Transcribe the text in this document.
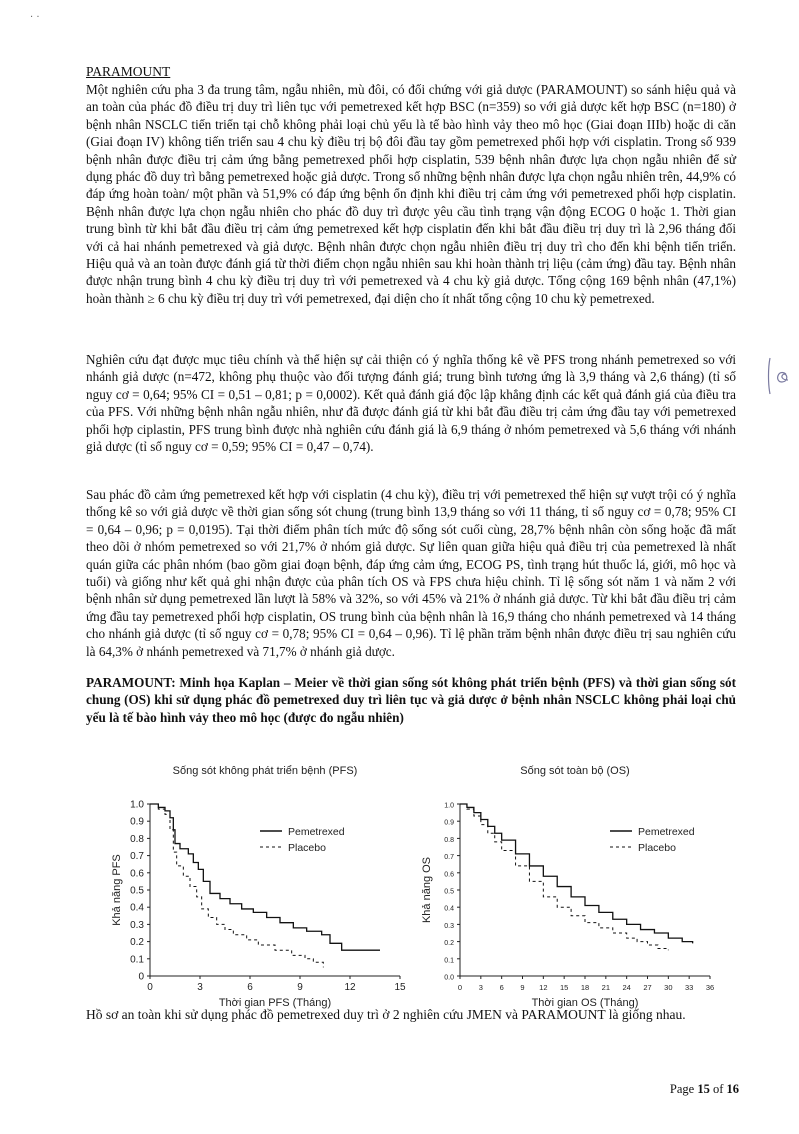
· ·
PARAMOUNT

Một nghiên cứu pha 3 đa trung tâm, ngẫu nhiên, mù đôi, có đối chứng với giả dược (PARAMOUNT) so sánh hiệu quả và an toàn của phác đồ điều trị duy trì liên tục với pemetrexed kết hợp BSC (n=359) so với giả dược kết hợp BSC (n=180) ở bệnh nhân NSCLC tiến triển tại chỗ không phải loại chủ yếu là tế bào hình vảy theo mô học (Giai đoạn IIIb) hoặc di căn (Giai đoạn IV) không tiến triển sau 4 chu kỳ điều trị bộ đôi đầu tay gồm pemetrexed phối hợp với cisplatin. Trong số 939 bệnh nhân được điều trị cảm ứng bằng pemetrexed phối hợp cisplatin, 539 bệnh nhân được lựa chọn ngẫu nhiên để sử dụng phác đồ duy trì bằng pemetrexed hoặc giả dược. Trong số những bệnh nhân được lựa chọn ngẫu nhiên trên, 44,9% có đáp ứng hoàn toàn/ một phần và 51,9% có đáp ứng bệnh ổn định khi điều trị cảm ứng với pemetrexed phối hợp cisplatin. Bệnh nhân được lựa chọn ngẫu nhiên cho phác đồ duy trì được yêu cầu tình trạng vận động ECOG 0 hoặc 1. Thời gian trung bình từ khi bắt đầu điều trị cảm ứng pemetrexed kết hợp cisplatin đến khi bắt đầu điều trị duy trì là 2,96 tháng đối với cả hai nhánh pemetrexed và giả dược. Bệnh nhân được chọn ngẫu nhiên điều trị duy trì cho đến khi bệnh tiến triển. Hiệu quả và an toàn được đánh giá từ thời điểm chọn ngẫu nhiên sau khi hoàn thành trị liệu (cảm ứng) đầu tay. Bệnh nhân được nhận trung bình 4 chu kỳ điều trị duy trì với pemetrexed và 4 chu kỳ giả dược. Tổng cộng 169 bệnh nhân (47,1%) hoàn thành ≥ 6 chu kỳ điều trị duy trì với pemetrexed, đại diện cho ít nhất tổng cộng 10 chu kỳ pemetrexed.

Nghiên cứu đạt được mục tiêu chính và thể hiện sự cải thiện có ý nghĩa thống kê về PFS trong nhánh pemetrexed so với nhánh giả dược (n=472, không phụ thuộc vào đối tượng đánh giá; trung bình tương ứng là 3,9 tháng và 2,6 tháng) (tỉ số nguy cơ = 0,64; 95% CI = 0,51 – 0,81; p = 0,0002). Kết quả đánh giá độc lập khẳng định các kết quả đánh giá của điều tra của PFS. Với những bệnh nhân ngẫu nhiên, như đã được đánh giá từ khi bắt đầu điều trị cảm ứng đầu tay với pemetrexed phối hợp ciplastin, PFS trung bình được nhà nghiên cứu đánh giá là 6,9 tháng ở nhóm pemetrexed và 5,6 tháng với nhánh giả dược (tỉ số nguy cơ = 0,59; 95% CI = 0,47 – 0,74).

Sau phác đồ cảm ứng pemetrexed kết hợp với cisplatin (4 chu kỳ), điều trị với pemetrexed thể hiện sự vượt trội có ý nghĩa thống kê so với giả dược về thời gian sống sót chung (trung bình 13,9 tháng so với 11 tháng, tỉ số nguy cơ = 0,78; 95% CI = 0,64 – 0,96; p = 0,0195). Tại thời điểm phân tích mức độ sống sót cuối cùng, 28,7% bệnh nhân còn sống hoặc đã mất theo dõi ở nhóm pemetrexed so với 21,7% ở nhóm giả dược. Sự liên quan giữa hiệu quả điều trị của pemetrexed là nhất quán giữa các phân nhóm (bao gồm giai đoạn bệnh, đáp ứng cảm ứng, ECOG PS, tình trạng hút thuốc lá, giới, mô học và tuổi) và giống như kết quả ghi nhận được của phân tích OS và FPS chưa hiệu chỉnh. Tỉ lệ sống sót năm 1 và năm 2 với bệnh nhân sử dụng pemetrexed lần lượt là 58% và 32%, so với 45% và 21% ở nhánh giả dược. Từ khi bắt đầu điều trị cảm ứng đầu tay pemetrexed phối hợp cisplatin, OS trung bình của bệnh nhân là 16,9 tháng cho nhánh pemetrexed và 14 tháng cho nhánh giả dược (tỉ số nguy cơ = 0,78; 95% CI = 0,64 – 0,96). Tỉ lệ phần trăm bệnh nhân được điều trị sau nghiên cứu là 64,3% ở nhánh pemetrexed và 71,7% ở nhánh giả dược.

PARAMOUNT: Minh họa Kaplan – Meier về thời gian sống sót không phát triển bệnh (PFS) và thời gian sống sót chung (OS) khi sử dụng phác đồ pemetrexed duy trì liên tục và giả dược ở bệnh nhân NSCLC không phải loại chủ yếu là tế bào hình vảy theo mô học (được đo ngẫu nhiên)

Sống sót không phát triển bệnh (PFS)
0
0.1
0.2
0.3
0.4
0.5
0.6
0.7
0.8
0.9
1.0
0	3	6	9	12	15
Thời gian PFS (Tháng)
Khả năng PFS
Pemetrexed
Placebo
Sống sót toàn bộ (OS)
0.0
0.1
0.2
0.3
0.4
0.5
0.6
0.7
0.8
0.9
1.0
0 3 6 9 12 15 18 21 24 27 30 33 36
Thời gian OS (Tháng)
Khả năng OS
Pemetrexed
Placebo

Hồ sơ an toàn khi sử dụng phác đồ pemetrexed duy trì ở 2 nghiên cứu JMEN và PARAMOUNT là giống nhau.

Page 15 of 16
